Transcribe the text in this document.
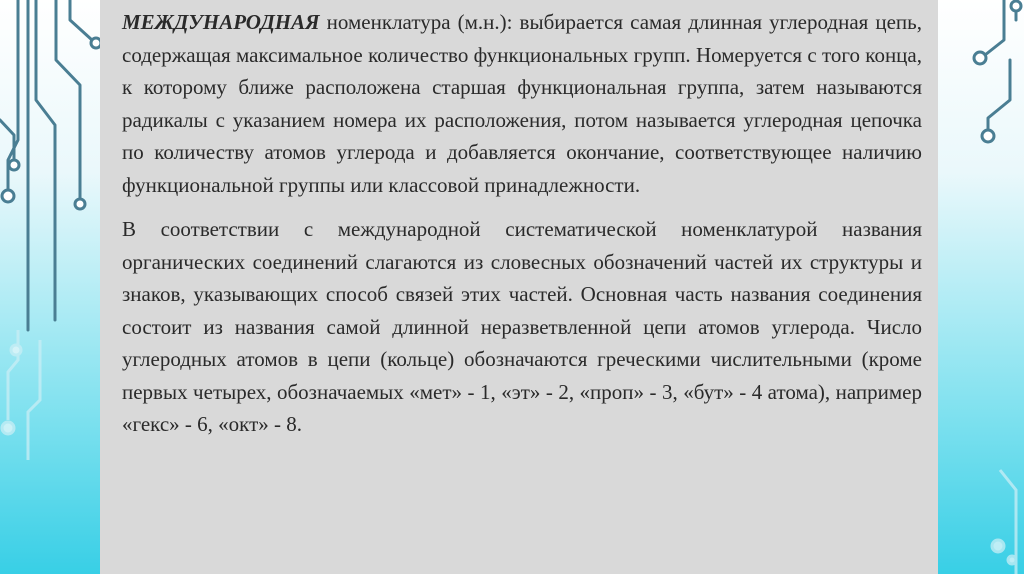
МЕЖДУНАРОДНАЯ номенклатура (м.н.): выбирается самая длинная углеродная цепь, содержащая максимальное количество функциональных групп. Номеруется с того конца, к которому ближе расположена старшая функциональная группа, затем называются радикалы с указанием номера их расположения, потом называется углеродная цепочка по количеству атомов углерода и добавляется окончание, соответствующее наличию функциональной группы или классовой принадлежности.

В соответствии с международной систематической номенклатурой названия органических соединений слагаются из словесных обозначений частей их структуры и знаков, указывающих способ связей этих частей. Основная часть названия соединения состоит из названия самой длинной неразветвленной цепи атомов углерода. Число углеродных атомов в цепи (кольце) обозначаются греческими числительными (кроме первых четырех, обозначаемых «мет» - 1, «эт» - 2, «проп» - 3, «бут» - 4 атома), например «гекс» - 6, «окт» - 8.
